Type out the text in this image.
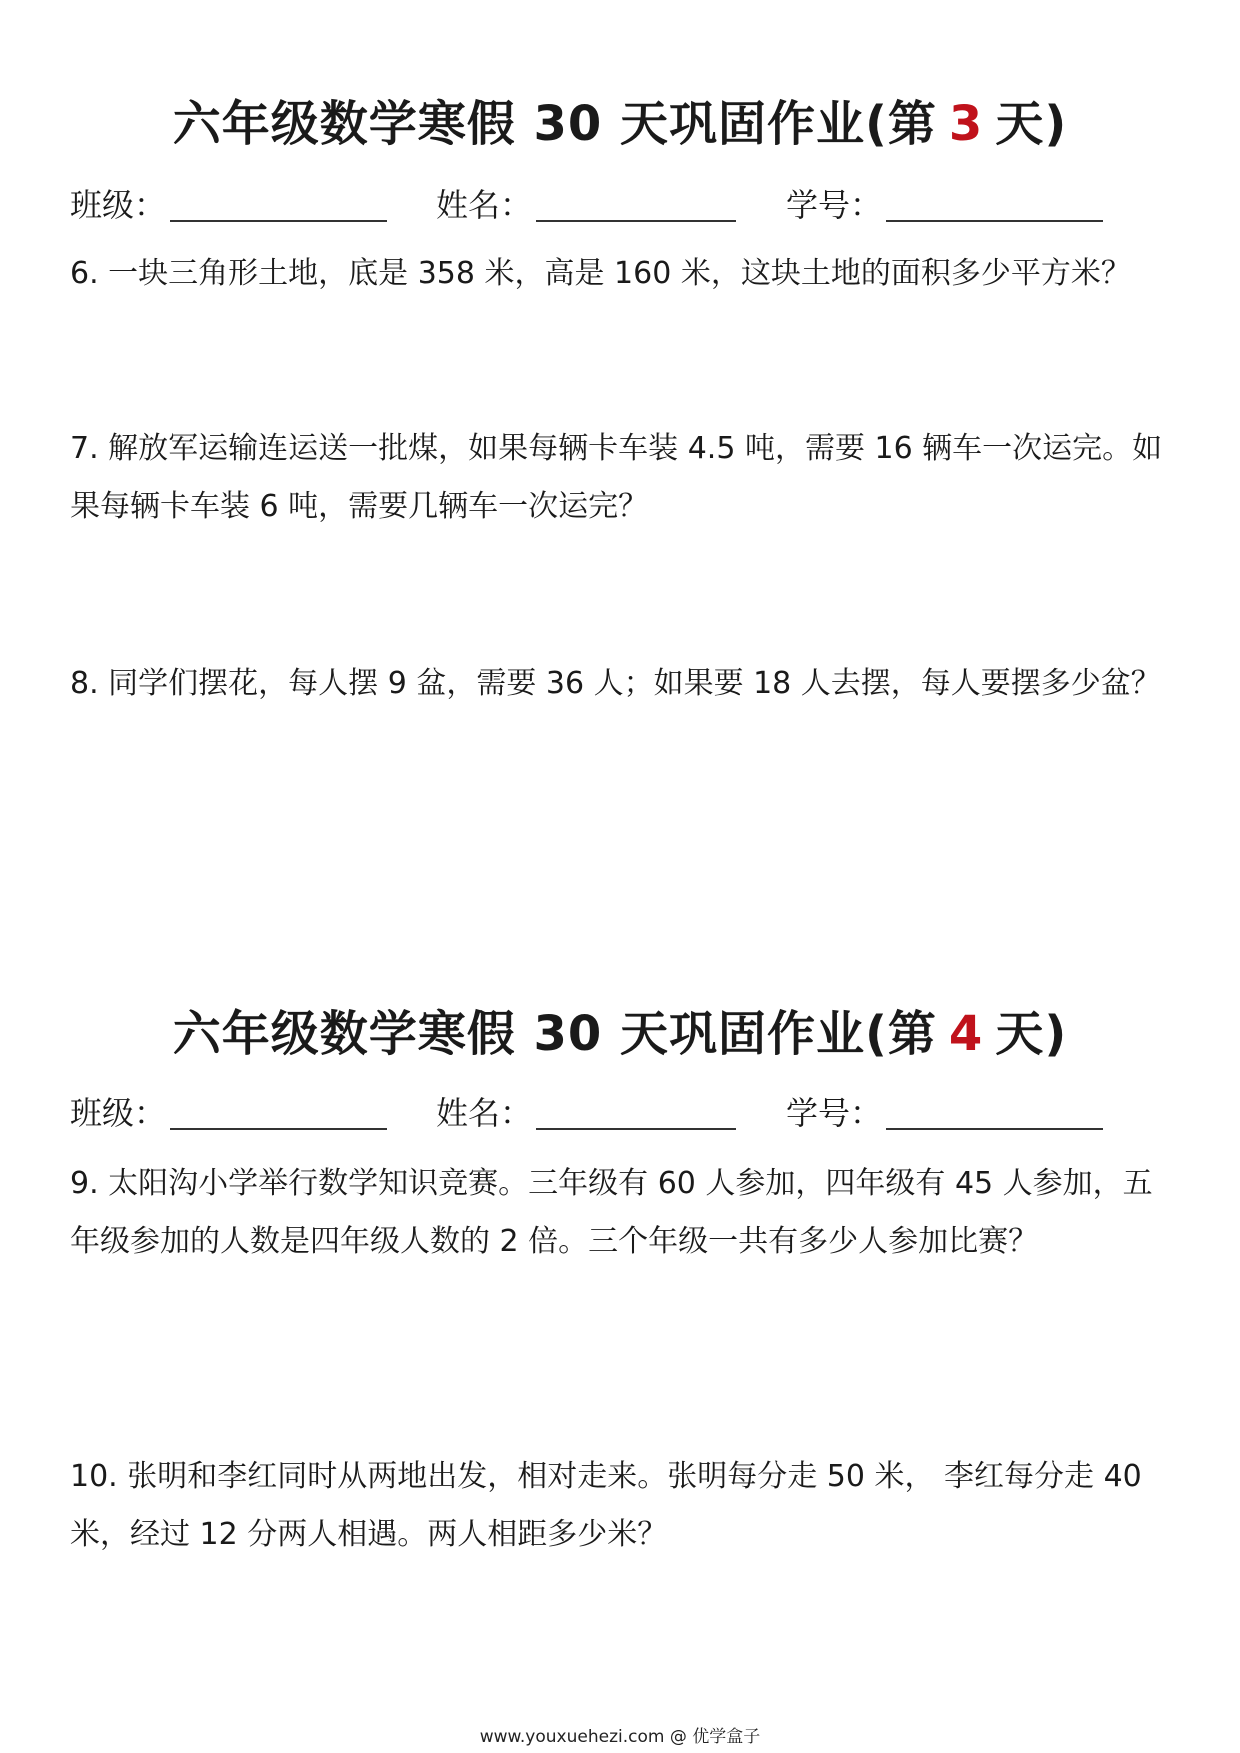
六年级数学寒假 30 天巩固作业(第 3 天)
班级：	姓名：	学号：
6. 一块三角形土地，底是 358 米，高是 160 米，这块土地的面积多少平方米？
7. 解放军运输连运送一批煤，如果每辆卡车装 4.5 吨，需要 16 辆车一次运完。如果每辆卡车装 6 吨，需要几辆车一次运完？
8. 同学们摆花，每人摆 9 盆，需要 36 人；如果要 18 人去摆，每人要摆多少盆？
六年级数学寒假 30 天巩固作业(第 4 天)
班级：	姓名：	学号：
9. 太阳沟小学举行数学知识竞赛。三年级有 60 人参加，四年级有 45 人参加，五年级参加的人数是四年级人数的 2 倍。三个年级一共有多少人参加比赛？
10. 张明和李红同时从两地出发，相对走来。张明每分走 50 米， 李红每分走 40 米，经过 12 分两人相遇。两人相距多少米？
www.youxuehezi.com @ 优学盒子
